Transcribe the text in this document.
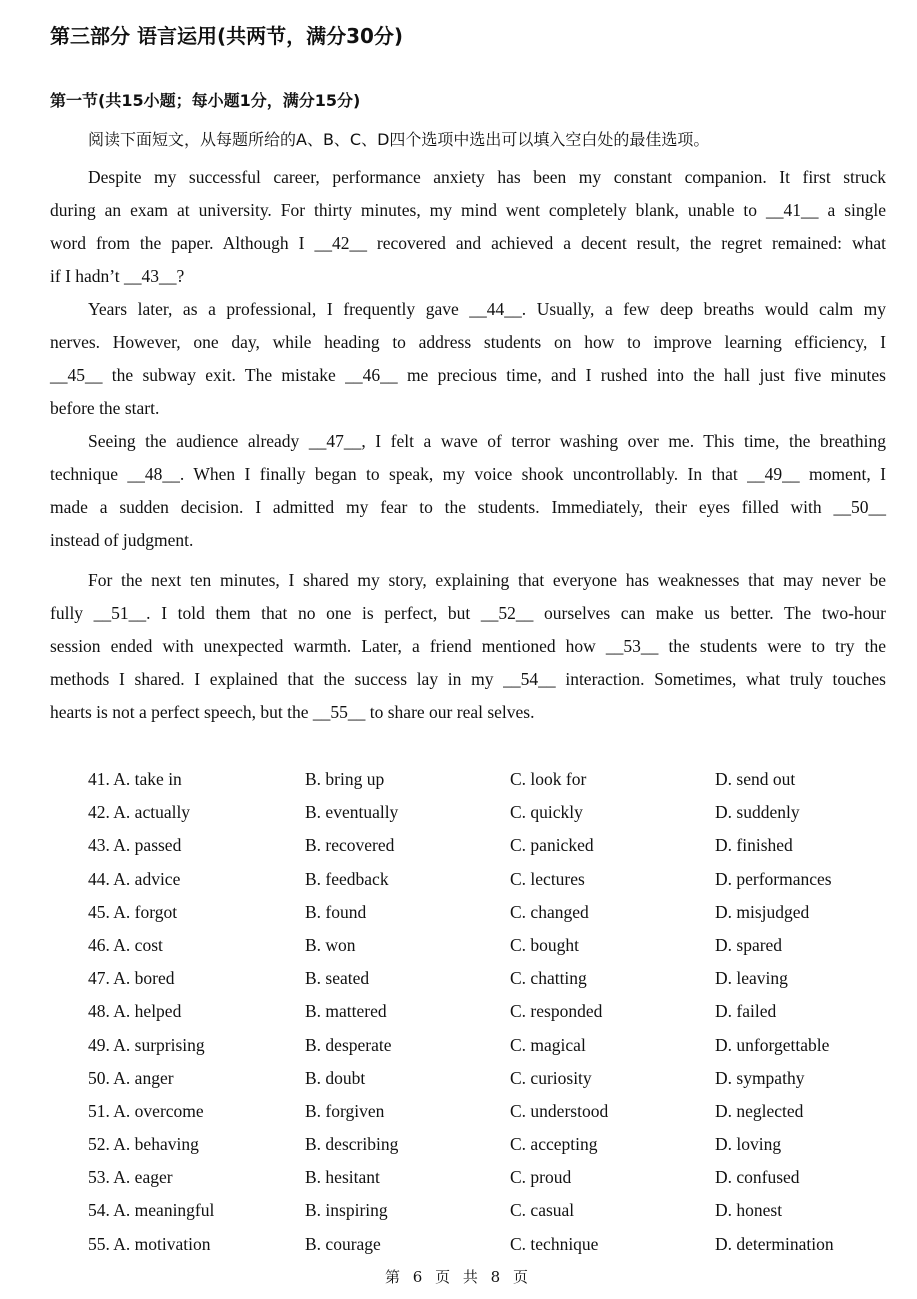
第三部分 语言运用(共两节，满分30分)
第一节(共15小题；每小题1分，满分15分)
阅读下面短文，从每题所给的A、B、C、D四个选项中选出可以填入空白处的最佳选项。
Despite my successful career, performance anxiety has been my constant companion. It first struck
during an exam at university. For thirty minutes, my mind went completely blank, unable to __41__ a single
word from the paper. Although I __42__ recovered and achieved a decent result, the regret remained: what
if I hadn’t __43__?
Years later, as a professional, I frequently gave __44__. Usually, a few deep breaths would calm my
nerves. However, one day, while heading to address students on how to improve learning efficiency, I
__45__ the subway exit. The mistake __46__ me precious time, and I rushed into the hall just five minutes
before the start.
Seeing the audience already __47__, I felt a wave of terror washing over me. This time, the breathing
technique __48__. When I finally began to speak, my voice shook uncontrollably. In that __49__ moment, I
made a sudden decision. I admitted my fear to the students. Immediately, their eyes filled with __50__
instead of judgment.
For the next ten minutes, I shared my story, explaining that everyone has weaknesses that may never be
fully __51__. I told them that no one is perfect, but __52__ ourselves can make us better. The two-hour
session ended with unexpected warmth. Later, a friend mentioned how __53__ the students were to try the
methods I shared. I explained that the success lay in my __54__ interaction. Sometimes, what truly touches
hearts is not a perfect speech, but the __55__ to share our real selves.
41. A. take in	B. bring up	C. look for	D. send out
42. A. actually	B. eventually	C. quickly	D. suddenly
43. A. passed	B. recovered	C. panicked	D. finished
44. A. advice	B. feedback	C. lectures	D. performances
45. A. forgot	B. found	C. changed	D. misjudged
46. A. cost	B. won	C. bought	D. spared
47. A. bored	B. seated	C. chatting	D. leaving
48. A. helped	B. mattered	C. responded	D. failed
49. A. surprising	B. desperate	C. magical	D. unforgettable
50. A. anger	B. doubt	C. curiosity	D. sympathy
51. A. overcome	B. forgiven	C. understood	D. neglected
52. A. behaving	B. describing	C. accepting	D. loving
53. A. eager	B. hesitant	C. proud	D. confused
54. A. meaningful	B. inspiring	C. casual	D. honest
55. A. motivation	B. courage	C. technique	D. determination
第 6 页 共 8 页
